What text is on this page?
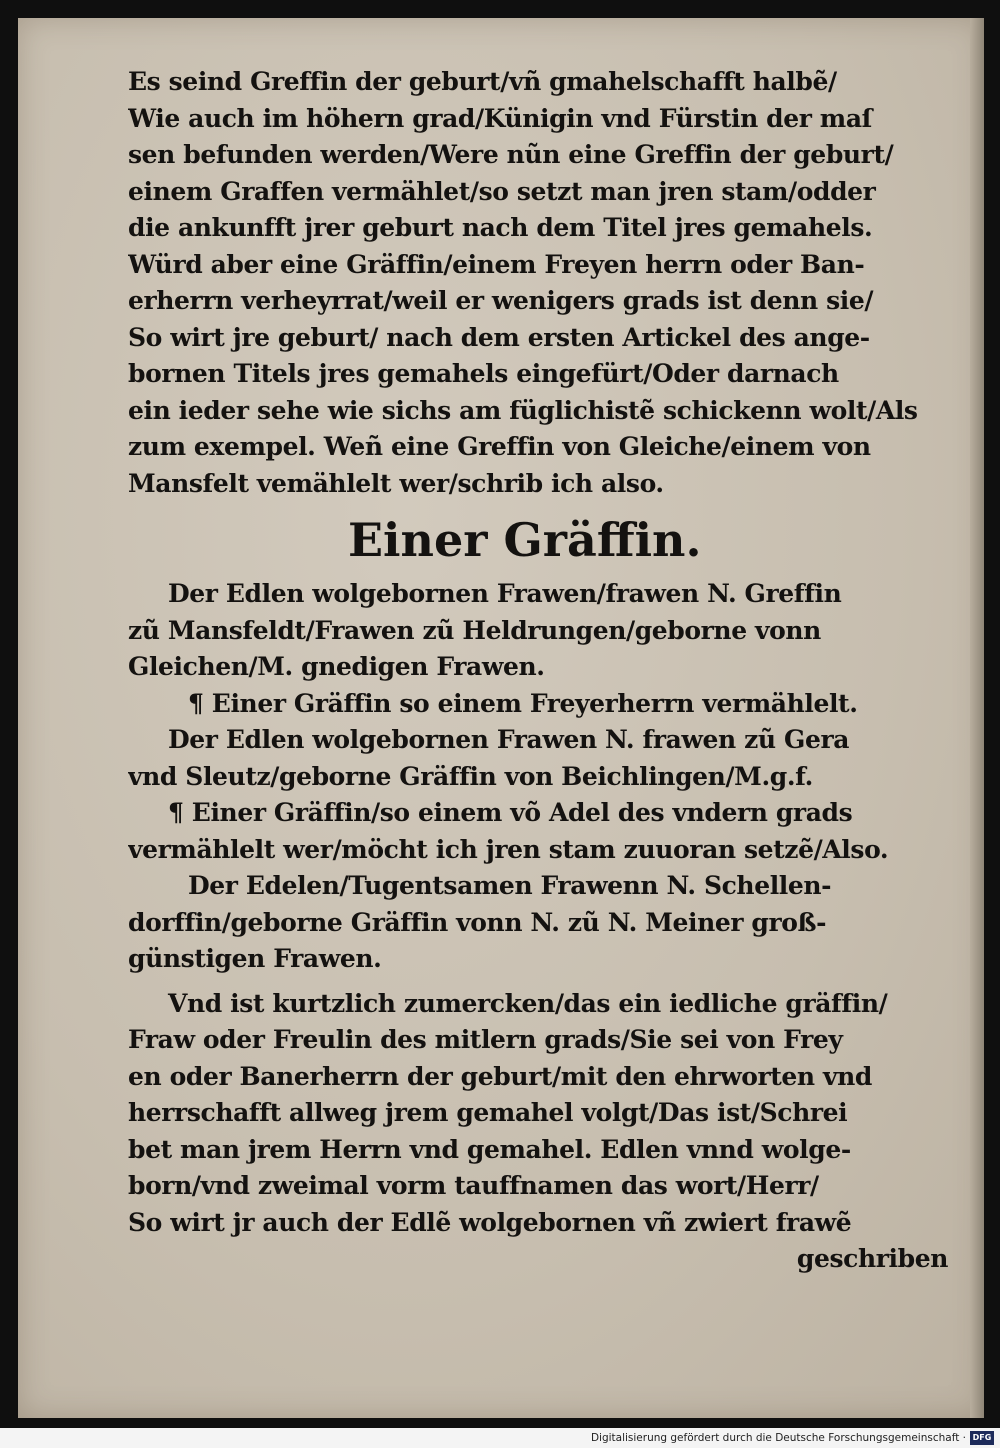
Es seind Greffin der geburt/vñ gmahelschafft halbẽ/
Wie auch im höhern grad/Künigin vnd Fürstin der maſ
sen befunden werden/Were nũn eine Greffin der geburt/
einem Graffen vermählet/so setzt man jren stam/odder
die ankunfft jrer geburt nach dem Titel jres gemahels.
Würd aber eine Gräffin/einem Freyen herrn oder Ban-
erherrn verheyrrat/weil er wenigers grads ist denn sie/
So wirt jre geburt/ nach dem ersten Artickel des ange-
bornen Titels jres gemahels eingefürt/Oder darnach
ein ieder sehe wie sichs am füglichistẽ schickenn wolt/Als
zum exempel. Weñ eine Greffin von Gleiche/einem von
Mansfelt vemählelt wer/schrib ich also.
Einer Gräffin.
Der Edlen wolgebornen Frawen/frawen N. Greffin
zũ Mansfeldt/Frawen zũ Heldrungen/geborne vonn
Gleichen/M. gnedigen Frawen.
¶ Einer Gräffin so einem Freyerherrn vermählelt.
Der Edlen wolgebornen Frawen N. frawen zũ Gera
vnd Sleutz/geborne Gräffin von Beichlingen/M.g.f.
¶ Einer Gräffin/so einem võ Adel des vndern grads
vermählelt wer/möcht ich jren stam zuuoran setzẽ/Also.
Der Edelen/Tugentsamen Frawenn N. Schellen-
dorffin/geborne Gräffin vonn N. zũ N. Meiner groß-
günstigen Frawen.
Vnd ist kurtzlich zumercken/das ein iedliche gräffin/
Fraw oder Freulin des mitlern grads/Sie sei von Frey
en oder Banerherrn der geburt/mit den ehrworten vnd
herrschafft allweg jrem gemahel volgt/Das ist/Schrei
bet man jrem Herrn vnd gemahel. Edlen vnnd wolge-
born/vnd zweimal vorm tauffnamen das wort/Herr/
So wirt jr auch der Edlẽ wolgebornen vñ zwiert frawẽ
geschriben
Digitalisierung gefördert durch die Deutsche Forschungsgemeinschaft · DFG
